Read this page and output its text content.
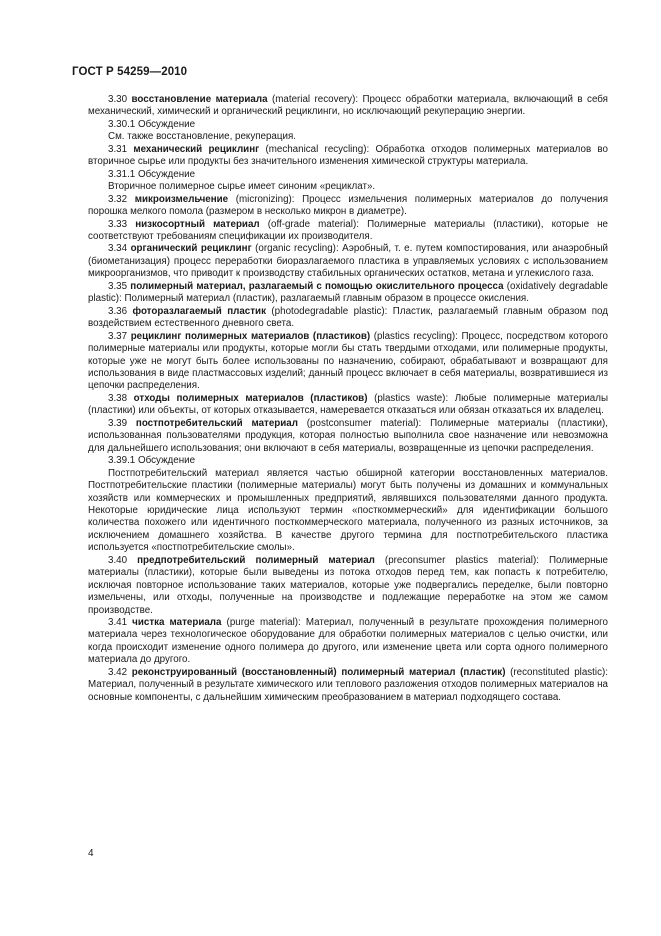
ГОСТ Р 54259—2010

3.30 восстановление материала (material recovery): Процесс обработки материала, включающий в себя механический, химический и органический рециклинги, но исключающий рекуперацию энергии.

3.30.1 Обсуждение

См. также восстановление, рекуперация.

3.31 механический рециклинг (mechanical recycling): Обработка отходов полимерных материалов во вторичное сырье или продукты без значительного изменения химической структуры материала.

3.31.1 Обсуждение

Вторичное полимерное сырье имеет синоним «рециклат».

3.32 микроизмельчение (micronizing): Процесс измельчения полимерных материалов до получения порошка мелкого помола (размером в несколько микрон в диаметре).

3.33 низкосортный материал (off-grade material): Полимерные материалы (пластики), которые не соответствуют требованиям спецификации их производителя.

3.34 органический рециклинг (organic recycling): Аэробный, т. е. путем компостирования, или анаэробный (биометанизация) процесс переработки биоразлагаемого пластика в управляемых условиях с использованием микроорганизмов, что приводит к производству стабильных органических остатков, метана и углекислого газа.

3.35 полимерный материал, разлагаемый с помощью окислительного процесса (oxidatively degradable plastic): Полимерный материал (пластик), разлагаемый главным образом в процессе окисления.

3.36 фоторазлагаемый пластик (photodegradable plastic): Пластик, разлагаемый главным образом под воздействием естественного дневного света.

3.37 рециклинг полимерных материалов (пластиков) (plastics recycling): Процесс, посредством которого полимерные материалы или продукты, которые могли бы стать твердыми отходами, или полимерные продукты, которые уже не могут быть более использованы по назначению, собирают, обрабатывают и возвращают для использования в виде пластмассовых изделий; данный процесс включает в себя материалы, возвратившиеся из цепочки распределения.

3.38 отходы полимерных материалов (пластиков) (plastics waste): Любые полимерные материалы (пластики) или объекты, от которых отказывается, намеревается отказаться или обязан отказаться их владелец.

3.39 постпотребительский материал (postconsumer material): Полимерные материалы (пластики), использованная пользователями продукция, которая полностью выполнила свое назначение или невозможна для дальнейшего использования; они включают в себя материалы, возвращенные из цепочки распределения.

3.39.1 Обсуждение

Постпотребительский материал является частью обширной категории восстановленных материалов. Постпотребительские пластики (полимерные материалы) могут быть получены из домашних и коммунальных хозяйств или коммерческих и промышленных предприятий, являвшихся пользователями данного продукта. Некоторые юридические лица используют термин «посткоммерческий» для идентификации большого количества похожего или идентичного посткоммерческого материала, полученного из разных источников, за исключением домашнего хозяйства. В качестве другого термина для постпотребительского пластика используется «постпотребительские смолы».

3.40 предпотребительский полимерный материал (preconsumer plastics material): Полимерные материалы (пластики), которые были выведены из потока отходов перед тем, как попасть к потребителю, исключая повторное использование таких материалов, которые уже подвергались переделке, были повторно измельчены, или отходы, полученные на производстве и подлежащие переработке на этом же самом производстве.

3.41 чистка материала (purge material): Материал, полученный в результате прохождения полимерного материала через технологическое оборудование для обработки полимерных материалов с целью очистки, или когда происходит изменение одного полимера до другого, или изменение цвета или сорта одного полимерного материала до другого.

3.42 реконструированный (восстановленный) полимерный материал (пластик) (reconstituted plastic): Материал, полученный в результате химического или теплового разложения отходов полимерных материалов на основные компоненты, с дальнейшим химическим преобразованием в материал подходящего состава.

4
